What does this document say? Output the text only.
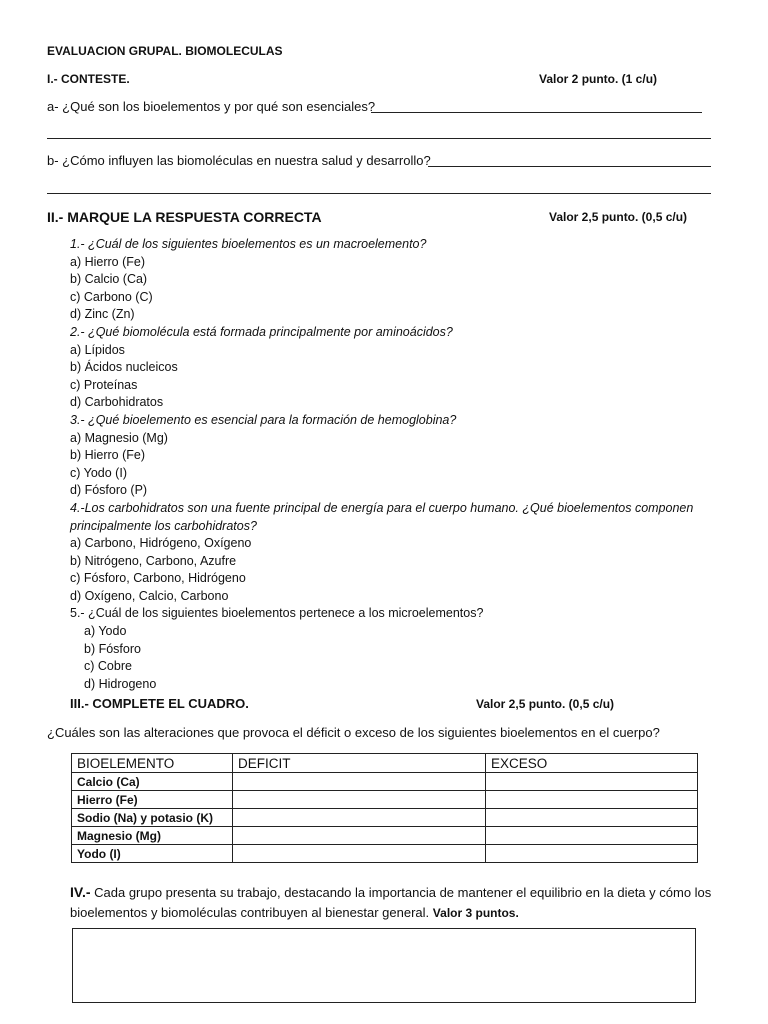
EVALUACION GRUPAL. BIOMOLECULAS
I.- CONTESTE.	Valor 2 punto. (1 c/u)
a- ¿Qué son los bioelementos y por qué son esenciales?
b- ¿Cómo influyen las biomoléculas en nuestra salud y desarrollo?
II.- MARQUE LA RESPUESTA CORRECTA	Valor 2,5 punto. (0,5 c/u)
1.- ¿Cuál de los siguientes bioelementos es un macroelemento?
a) Hierro (Fe)
b) Calcio (Ca)
c) Carbono (C)
d) Zinc (Zn)
2.- ¿Qué biomolécula está formada principalmente por aminoácidos?
a) Lípidos
b) Ácidos nucleicos
c) Proteínas
d) Carbohidratos
3.- ¿Qué bioelemento es esencial para la formación de hemoglobina?
a) Magnesio (Mg)
b) Hierro (Fe)
c) Yodo (I)
d) Fósforo (P)
4.-Los carbohidratos son una fuente principal de energía para el cuerpo humano. ¿Qué bioelementos componen
principalmente los carbohidratos?
a) Carbono, Hidrógeno, Oxígeno
b) Nitrógeno, Carbono, Azufre
c) Fósforo, Carbono, Hidrógeno
d) Oxígeno, Calcio, Carbono
5.- ¿Cuál de los siguientes bioelementos pertenece a los microelementos?
a) Yodo
b) Fósforo
c) Cobre
d) Hidrogeno
III.- COMPLETE EL CUADRO.	Valor 2,5 punto. (0,5 c/u)
¿Cuáles son las alteraciones que provoca el déficit o exceso de los siguientes bioelementos en el cuerpo?
BIOELEMENTO	DEFICIT	EXCESO
Calcio (Ca)		
Hierro (Fe)		
Sodio (Na) y potasio (K)		
Magnesio (Mg)		
Yodo (I)		
IV.- Cada grupo presenta su trabajo, destacando la importancia de mantener el equilibrio en la dieta y cómo los
bioelementos y biomoléculas contribuyen al bienestar general. Valor 3 puntos.
